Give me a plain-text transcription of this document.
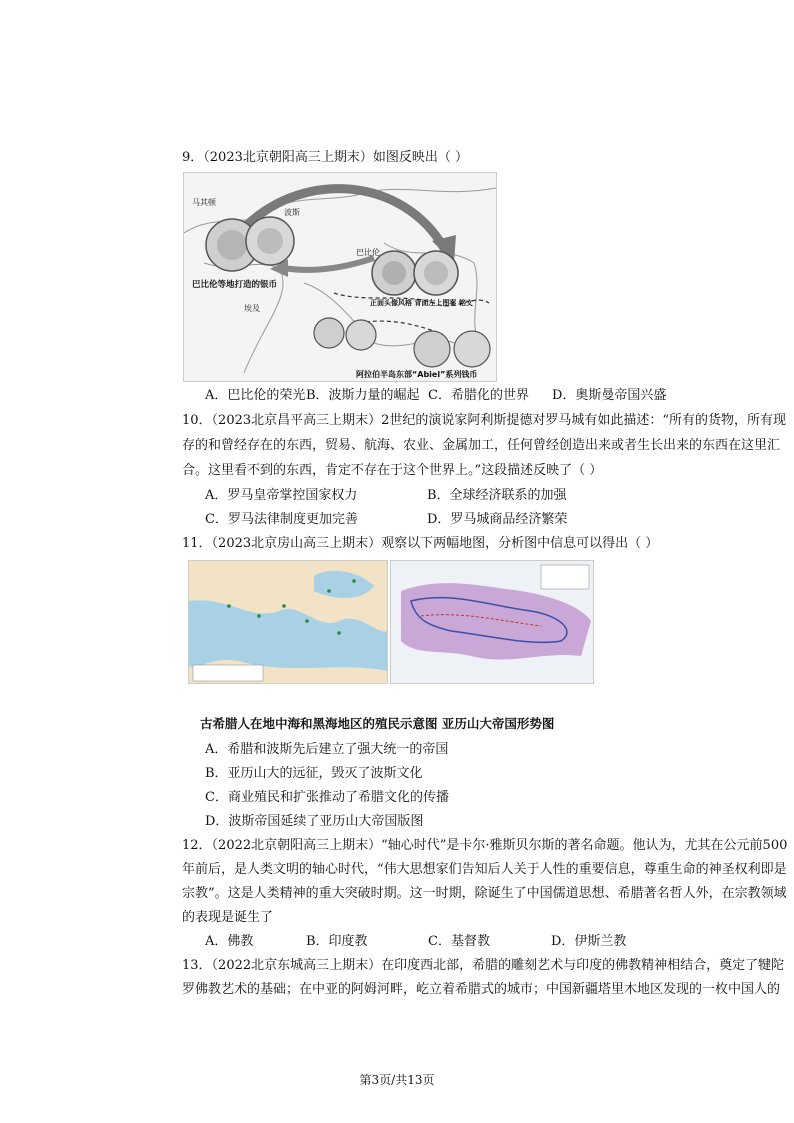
9．（2023北京朝阳高三上期末）如图反映出（ ）
马其顿
波斯
巴比伦
埃及
巴比伦等地打造的银币
正面头像风格 背面左上图案 铭文
阿拉伯半岛东部“Abiel”系列钱币
A．巴比伦的荣光 B．波斯力量的崛起 C．希腊化的世界 D．奥斯曼帝国兴盛
10．（2023北京昌平高三上期末）2世纪的演说家阿利斯提德对罗马城有如此描述：“所有的货物，所有现
存的和曾经存在的东西，贸易、航海、农业、金属加工，任何曾经创造出来或者生长出来的东西在这里汇
合。这里看不到的东西，肯定不存在于这个世界上。”这段描述反映了（ ）
A．罗马皇帝掌控国家权力	B．全球经济联系的加强
C．罗马法律制度更加完善	D．罗马城商品经济繁荣
11．（2023北京房山高三上期末）观察以下两幅地图，分析图中信息可以得出（ ）
古希腊人在地中海和黑海地区的殖民示意图 亚历山大帝国形势图
A．希腊和波斯先后建立了强大统一的帝国
B．亚历山大的远征，毁灭了波斯文化
C．商业殖民和扩张推动了希腊文化的传播
D．波斯帝国延续了亚历山大帝国版图
12．（2022北京朝阳高三上期末）“轴心时代”是卡尔·雅斯贝尔斯的著名命题。他认为，尤其在公元前500
年前后，是人类文明的轴心时代，“伟大思想家们告知后人关于人性的重要信息，尊重生命的神圣权利即是
宗教”。这是人类精神的重大突破时期。这一时期，除诞生了中国儒道思想、希腊著名哲人外，在宗教领域
的表现是诞生了
A．佛教	B．印度教	C．基督教	D．伊斯兰教
13．（2022北京东城高三上期末）在印度西北部，希腊的雕刻艺术与印度的佛教精神相结合，奠定了犍陀
罗佛教艺术的基础；在中亚的阿姆河畔，屹立着希腊式的城市；中国新疆塔里木地区发现的一枚中国人的
第3页/共13页
